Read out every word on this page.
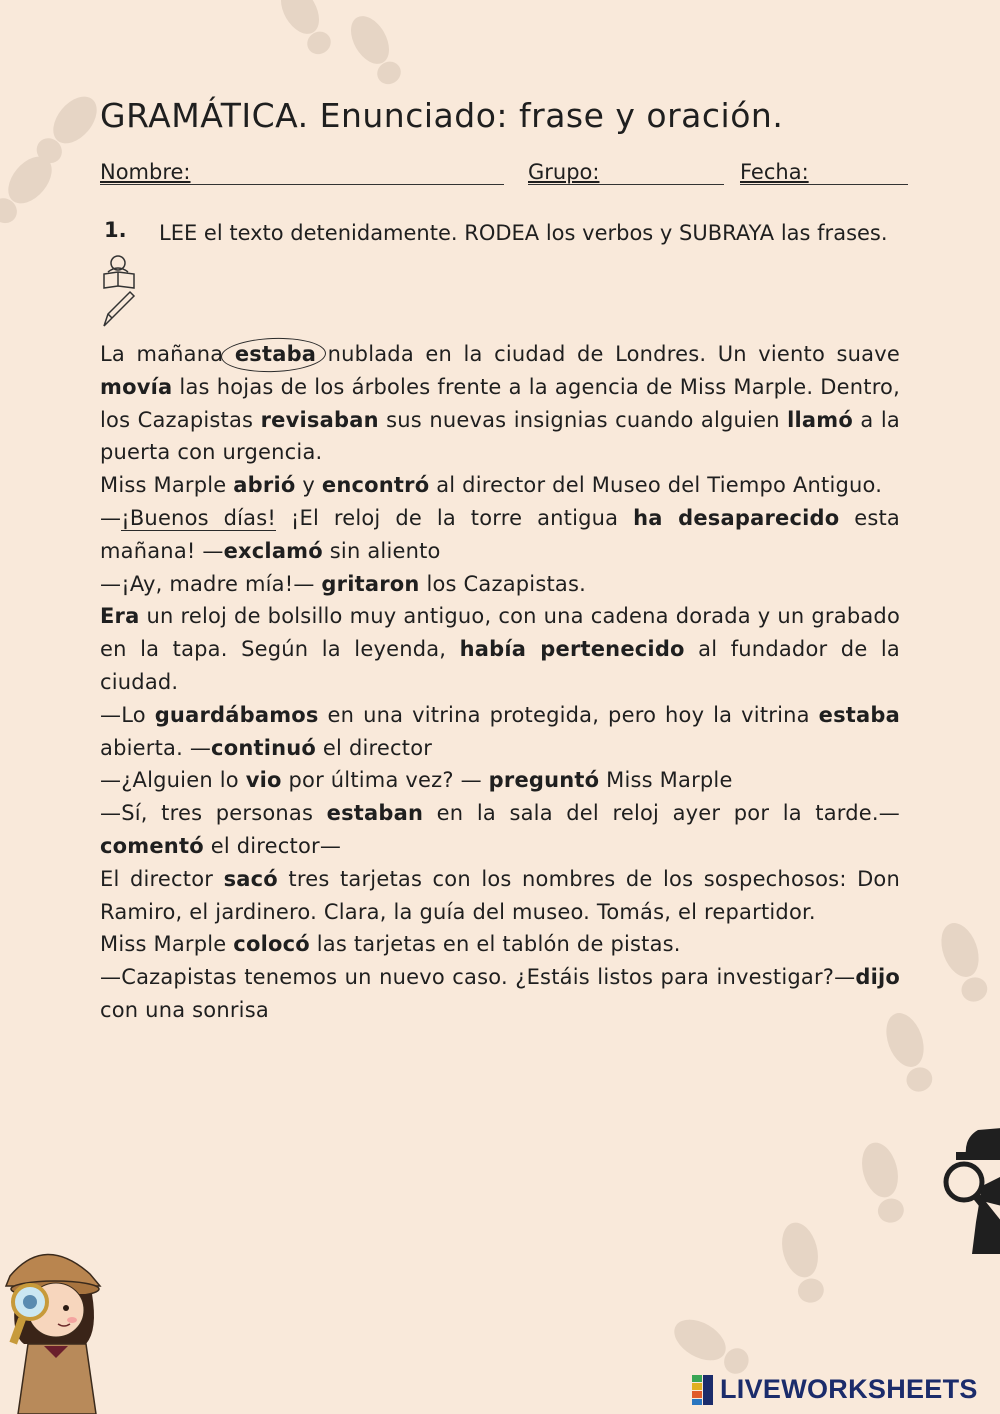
GRAMÁTICA. Enunciado: frase y oración.
Nombre:	Grupo:	Fecha:
1. LEE el texto detenidamente. RODEA los verbos y SUBRAYA las frases.

La mañana estaba nublada en la ciudad de Londres. Un viento suave movía las hojas de los árboles frente a la agencia de Miss Marple. Dentro, los Cazapistas revisaban sus nuevas insignias cuando alguien llamó a la puerta con urgencia.

Miss Marple abrió y encontró al director del Museo del Tiempo Antiguo.

—¡Buenos días! ¡El reloj de la torre antigua ha desaparecido esta mañana! —exclamó sin aliento

—¡Ay, madre mía!— gritaron los Cazapistas.

Era un reloj de bolsillo muy antiguo, con una cadena dorada y un grabado en la tapa. Según la leyenda, había pertenecido al fundador de la ciudad.

—Lo guardábamos en una vitrina protegida, pero hoy la vitrina estaba abierta. —continuó el director

—¿Alguien lo vio por última vez? — preguntó Miss Marple

—Sí, tres personas estaban en la sala del reloj ayer por la tarde.— comentó el director—

El director sacó tres tarjetas con los nombres de los sospechosos: Don Ramiro, el jardinero. Clara, la guía del museo. Tomás, el repartidor.

Miss Marple colocó las tarjetas en el tablón de pistas.

—Cazapistas tenemos un nuevo caso. ¿Estáis listos para investigar?—dijo con una sonrisa

LIVEWORKSHEETS
